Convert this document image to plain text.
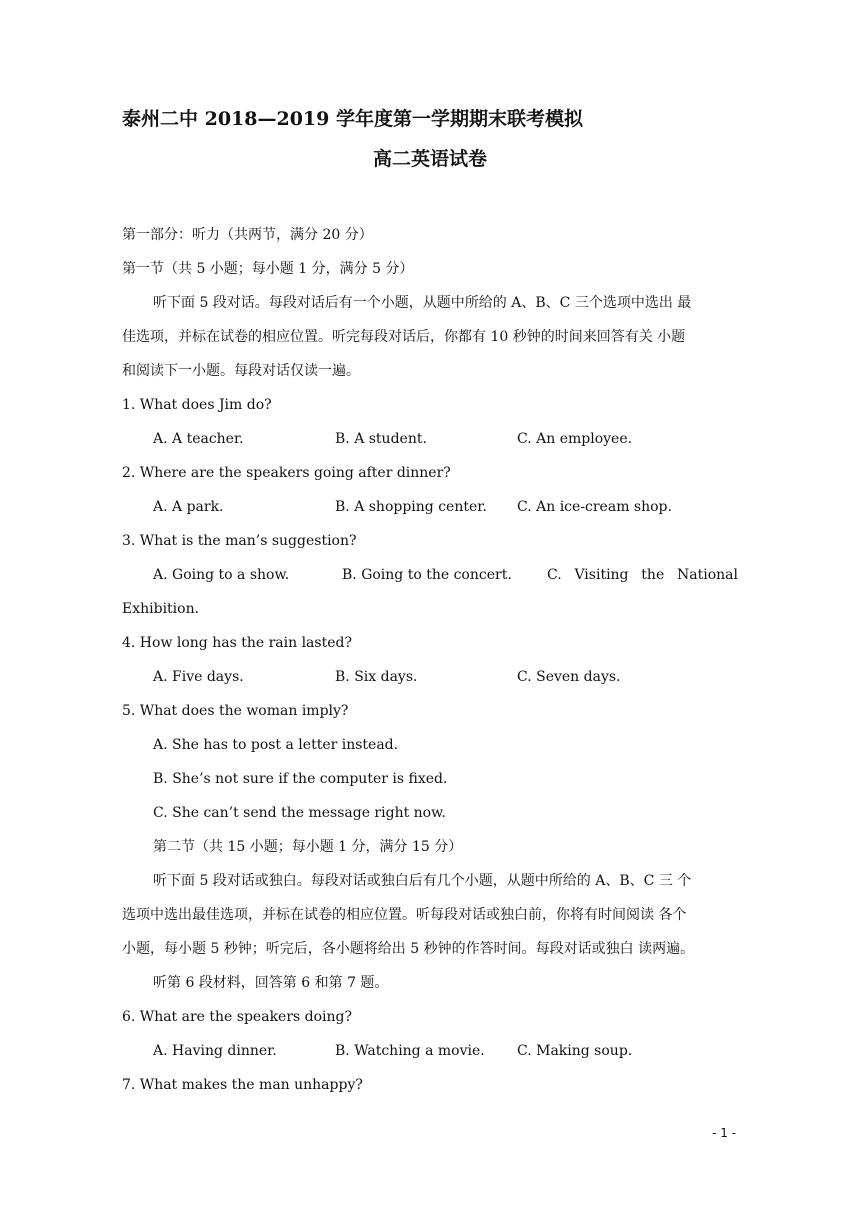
泰州二中 2018—2019 学年度第一学期期末联考模拟
高二英语试卷
第一部分：听力（共两节，满分 20 分）
第一节（共 5 小题；每小题 1 分，满分 5 分）
听下面 5 段对话。每段对话后有一个小题，从题中所给的 A、B、C 三个选项中选出 最
佳选项，并标在试卷的相应位置。听完每段对话后，你都有 10 秒钟的时间来回答有关 小题
和阅读下一小题。每段对话仅读一遍。
1. What does Jim do?
A. A teacher.	B. A student.	C. An employee.
2. Where are the speakers going after dinner?
A. A park.	B. A shopping center.	C. An ice-cream shop.
3. What is the man’s suggestion?
A. Going to a show.	B. Going to the concert.	C. Visiting the National
Exhibition.
4. How long has the rain lasted?
A. Five days.	B. Six days.	C. Seven days.
5. What does the woman imply?
A. She has to post a letter instead.
B. She’s not sure if the computer is fixed.
C. She can’t send the message right now.
第二节（共 15 小题；每小题 1 分，满分 15 分）
听下面 5 段对话或独白。每段对话或独白后有几个小题，从题中所给的 A、B、C 三 个
选项中选出最佳选项，并标在试卷的相应位置。听每段对话或独白前，你将有时间阅读 各个
小题，每小题 5 秒钟；听完后，各小题将给出 5 秒钟的作答时间。每段对话或独白 读两遍。
听第 6 段材料，回答第 6 和第 7 题。
6. What are the speakers doing?
A. Having dinner.	B. Watching a movie.	C. Making soup.
7. What makes the man unhappy?
- 1 -
